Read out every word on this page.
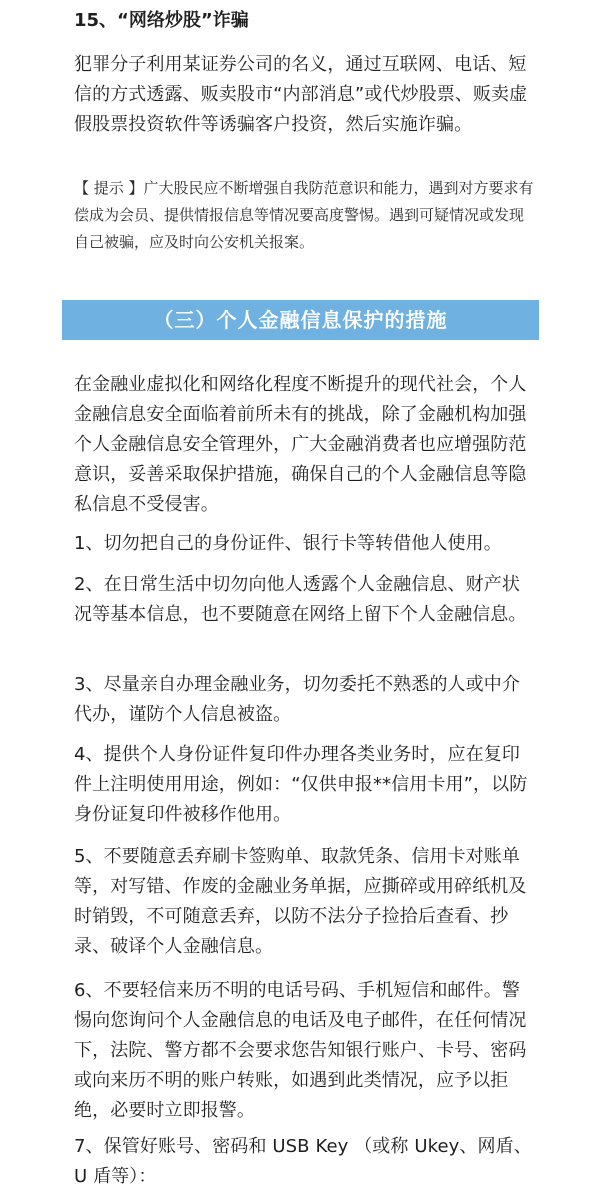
15、“网络炒股”诈骗

犯罪分子利用某证券公司的名义，通过互联网、电话、短信的方式透露、贩卖股市“内部消息”或代炒股票、贩卖虚假股票投资软件等诱骗客户投资，然后实施诈骗。

【 提示 】广大股民应不断增强自我防范意识和能力，遇到对方要求有偿成为会员、提供情报信息等情况要高度警惕。遇到可疑情况或发现自己被骗，应及时向公安机关报案。

（三）个人金融信息保护的措施

在金融业虚拟化和网络化程度不断提升的现代社会，个人金融信息安全面临着前所未有的挑战，除了金融机构加强个人金融信息安全管理外，广大金融消费者也应增强防范意识，妥善采取保护措施，确保自己的个人金融信息等隐私信息不受侵害。

1、切勿把自己的身份证件、银行卡等转借他人使用。

2、在日常生活中切勿向他人透露个人金融信息、财产状况等基本信息，也不要随意在网络上留下个人金融信息。

3、尽量亲自办理金融业务，切勿委托不熟悉的人或中介代办，谨防个人信息被盗。

4、提供个人身份证件复印件办理各类业务时，应在复印件上注明使用用途，例如：“仅供申报**信用卡用”，以防身份证复印件被移作他用。

5、不要随意丢弃刷卡签购单、取款凭条、信用卡对账单等，对写错、作废的金融业务单据，应撕碎或用碎纸机及时销毁，不可随意丢弃，以防不法分子捡拾后查看、抄录、破译个人金融信息。

6、不要轻信来历不明的电话号码、手机短信和邮件。警惕向您询问个人金融信息的电话及电子邮件，在任何情况下，法院、警方都不会要求您告知银行账户、卡号、密码或向来历不明的账户转账，如遇到此类情况，应予以拒绝，必要时立即报警。

7、保管好账号、密码和 USB Key （或称 Ukey、网盾、U 盾等）：
